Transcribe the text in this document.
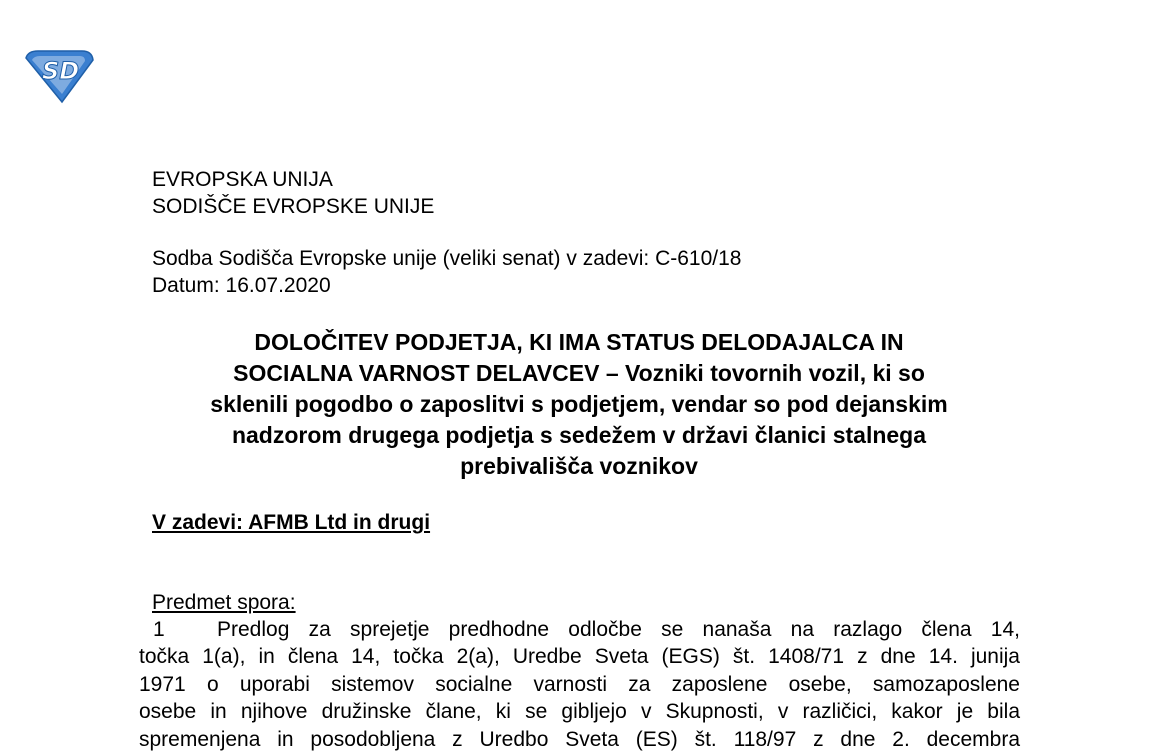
SD
EVROPSKA UNIJA
SODIŠČE EVROPSKE UNIJE
Sodba Sodišča Evropske unije (veliki senat) v zadevi: C-610/18
Datum: 16.07.2020
DOLOČITEV PODJETJA, KI IMA STATUS DELODAJALCA IN
SOCIALNA VARNOST DELAVCEV – Vozniki tovornih vozil, ki so
sklenili pogodbo o zaposlitvi s podjetjem, vendar so pod dejanskim
nadzorom drugega podjetja s sedežem v državi članici stalnega
prebivališča voznikov
V zadevi: AFMB Ltd in drugi
Predmet spora:
1 Predlog za sprejetje predhodne odločbe se nanaša na razlago člena 14,
točka 1(a), in člena 14, točka 2(a), Uredbe Sveta (EGS) št. 1408/71 z dne 14. junija
1971 o uporabi sistemov socialne varnosti za zaposlene osebe, samozaposlene
osebe in njihove družinske člane, ki se gibljejo v Skupnosti, v različici, kakor je bila
spremenjena in posodobljena z Uredbo Sveta (ES) št. 118/97 z dne 2. decembra
